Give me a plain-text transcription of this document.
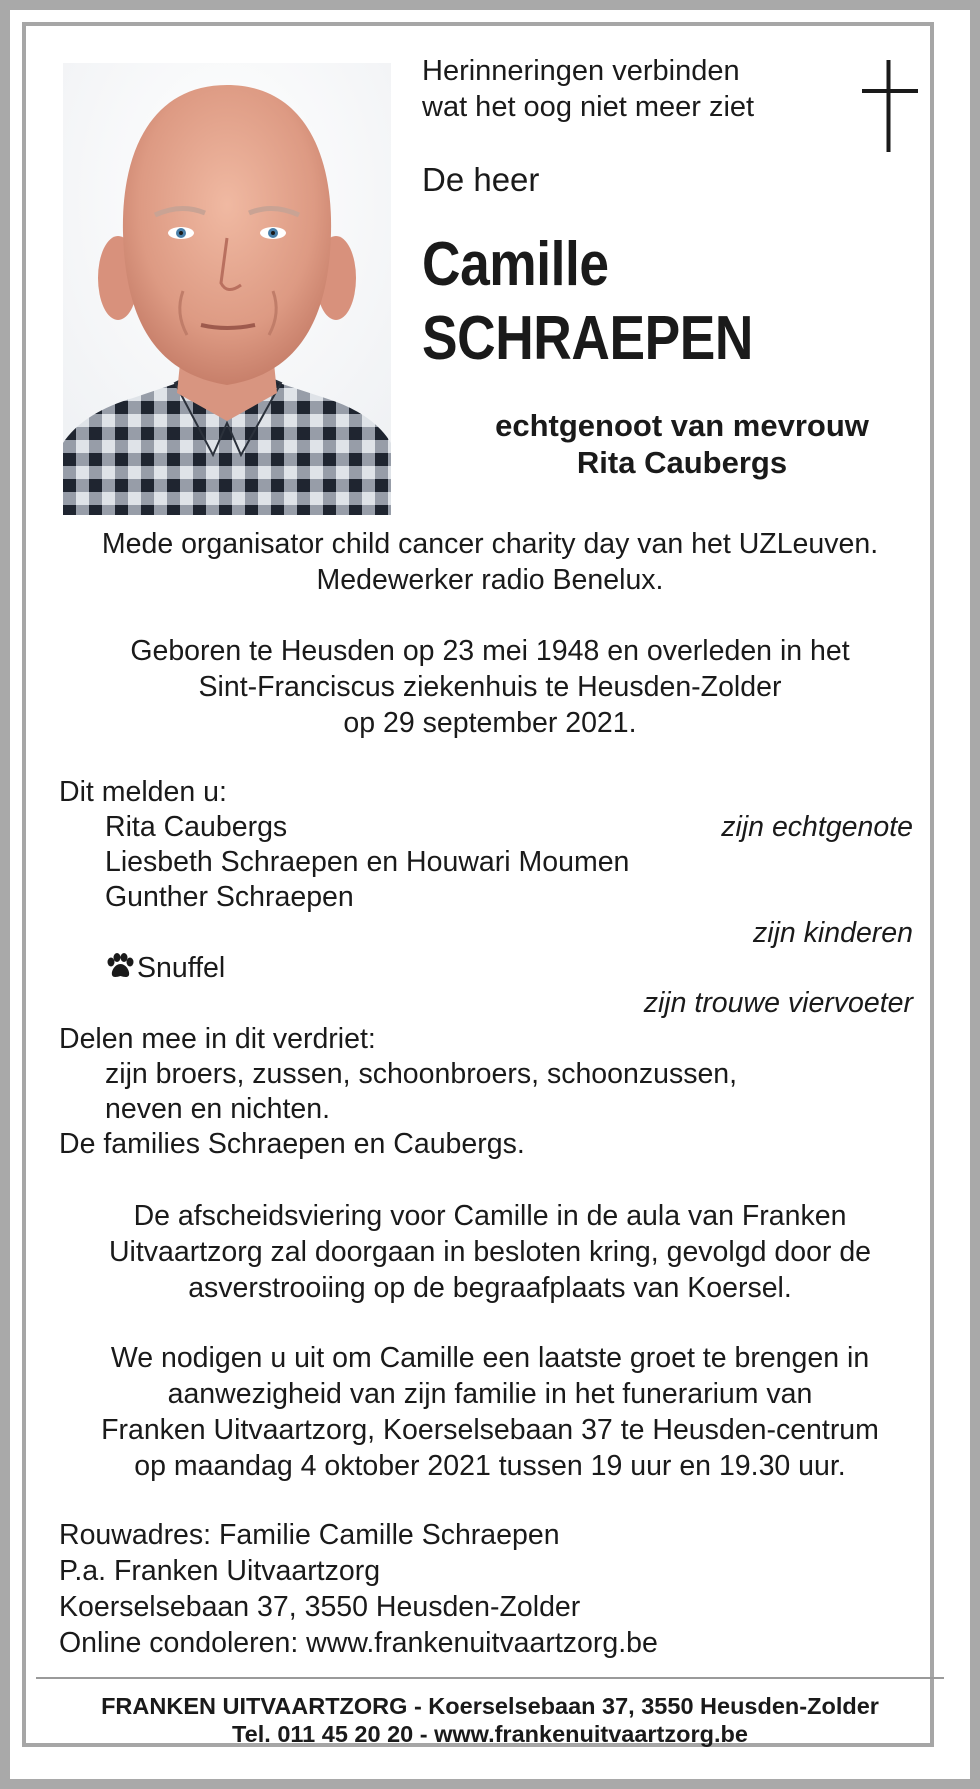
Herinneringen verbinden
wat het oog niet meer ziet
De heer
Camille
SCHRAEPEN
echtgenoot van mevrouw
Rita Caubergs
Mede organisator child cancer charity day van het UZLeuven.
Medewerker radio Benelux.
Geboren te Heusden op 23 mei 1948 en overleden in het
Sint-Franciscus ziekenhuis te Heusden-Zolder
op 29 september 2021.
Dit melden u:
Rita Caubergs	zijn echtgenote
Liesbeth Schraepen en Houwari Moumen
Gunther Schraepen
zijn kinderen
Snuffel
zijn trouwe viervoeter
Delen mee in dit verdriet:
zijn broers, zussen, schoonbroers, schoonzussen,
neven en nichten.
De families Schraepen en Caubergs.
De afscheidsviering voor Camille in de aula van Franken
Uitvaartzorg zal doorgaan in besloten kring, gevolgd door de
asverstrooiing op de begraafplaats van Koersel.
We nodigen u uit om Camille een laatste groet te brengen in
aanwezigheid van zijn familie in het funerarium van
Franken Uitvaartzorg, Koerselsebaan 37 te Heusden-centrum
op maandag 4 oktober 2021 tussen 19 uur en 19.30 uur.
Rouwadres: Familie Camille Schraepen
P.a. Franken Uitvaartzorg
Koerselsebaan 37, 3550 Heusden-Zolder
Online condoleren: www.frankenuitvaartzorg.be
FRANKEN UITVAARTZORG - Koerselsebaan 37, 3550 Heusden-Zolder
Tel. 011 45 20 20 - www.frankenuitvaartzorg.be
